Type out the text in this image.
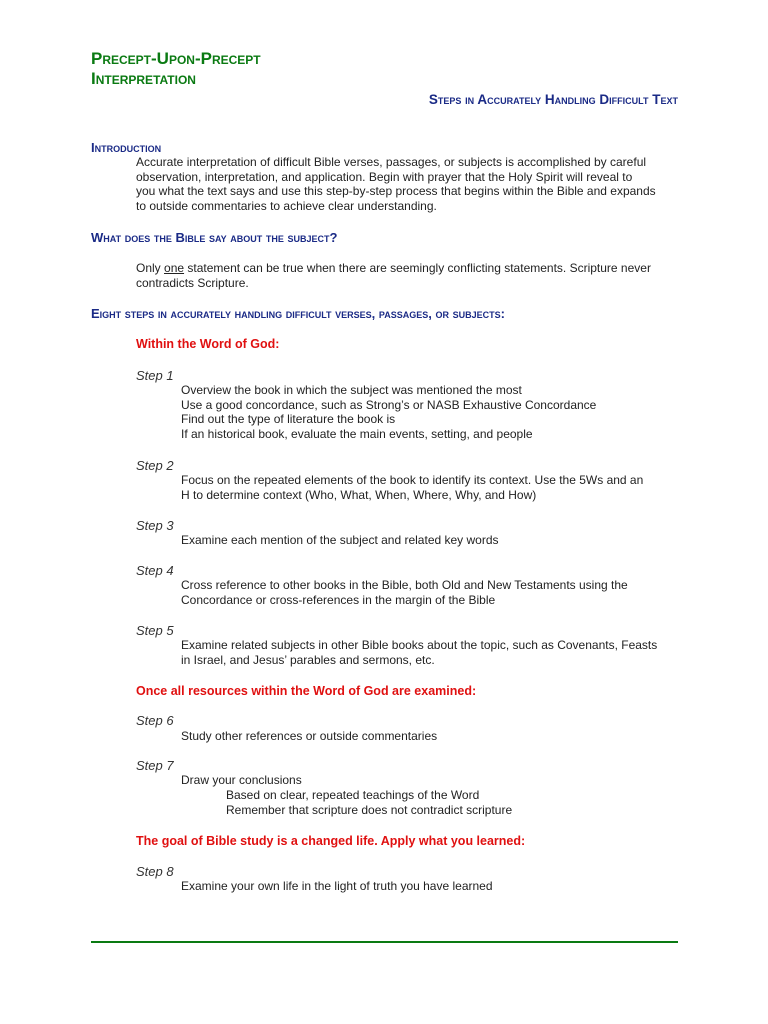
Precept-Upon-Precept
Interpretation
Steps in Accurately Handling Difficult Text
Introduction
Accurate interpretation of difficult Bible verses, passages, or subjects is accomplished by careful
observation, interpretation, and application. Begin with prayer that the Holy Spirit will reveal to
you what the text says and use this step-by-step process that begins within the Bible and expands
to outside commentaries to achieve clear understanding.
What does the Bible say about the subject?
Only one statement can be true when there are seemingly conflicting statements. Scripture never
contradicts Scripture.
Eight steps in accurately handling difficult verses, passages, or subjects:
Within the Word of God:
Step 1
Overview the book in which the subject was mentioned the most
Use a good concordance, such as Strong’s or NASB Exhaustive Concordance
Find out the type of literature the book is
If an historical book, evaluate the main events, setting, and people
Step 2
Focus on the repeated elements of the book to identify its context. Use the 5Ws and an
H to determine context (Who, What, When, Where, Why, and How)
Step 3
Examine each mention of the subject and related key words
Step 4
Cross reference to other books in the Bible, both Old and New Testaments using the
Concordance or cross-references in the margin of the Bible
Step 5
Examine related subjects in other Bible books about the topic, such as Covenants, Feasts
in Israel, and Jesus’ parables and sermons, etc.
Once all resources within the Word of God are examined:
Step 6
Study other references or outside commentaries
Step 7
Draw your conclusions
Based on clear, repeated teachings of the Word
Remember that scripture does not contradict scripture
The goal of Bible study is a changed life. Apply what you learned:
Step 8
Examine your own life in the light of truth you have learned
